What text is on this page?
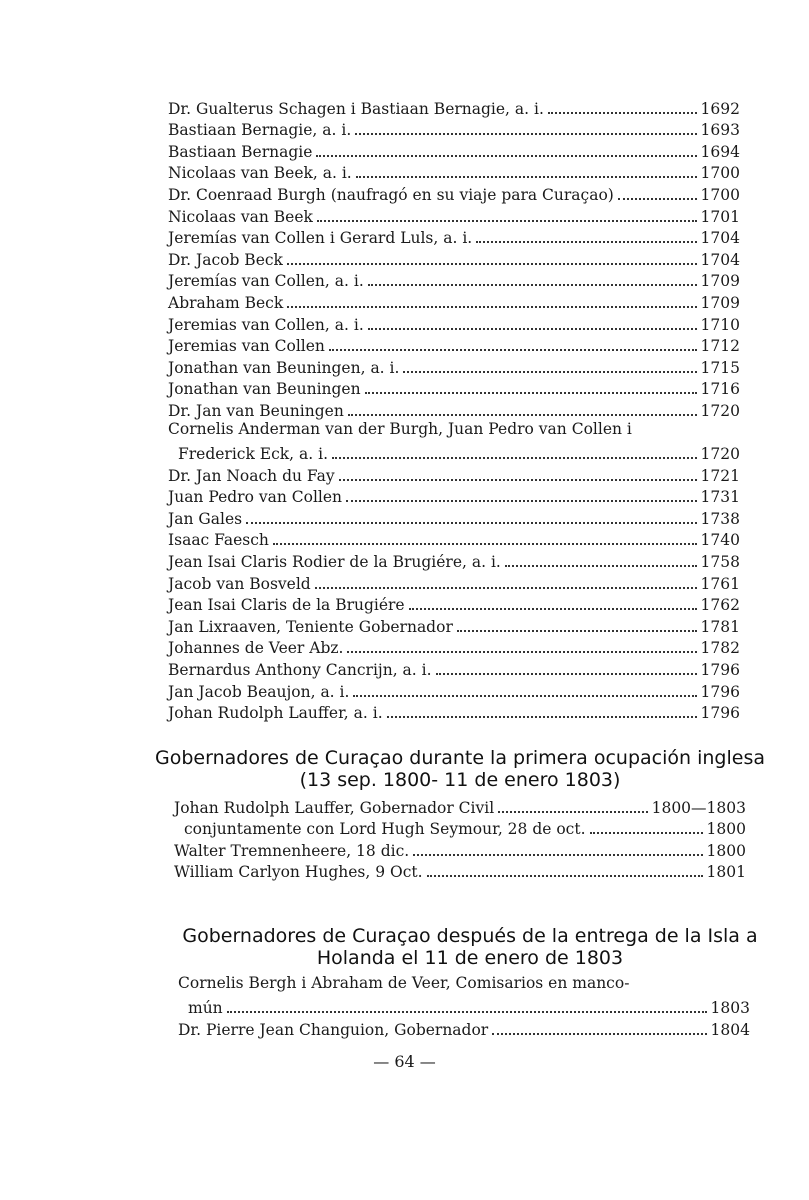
Dr. Gualterus Schagen i Bastiaan Bernagie, a. i.	1692
Bastiaan Bernagie, a. i.	1693
Bastiaan Bernagie	1694
Nicolaas van Beek, a. i.	1700
Dr. Coenraad Burgh (naufragó en su viaje para Curaçao)	1700
Nicolaas van Beek	1701
Jeremías van Collen i Gerard Luls, a. i.	1704
Dr. Jacob Beck	1704
Jeremías van Collen, a. i.	1709
Abraham Beck	1709
Jeremias van Collen, a. i.	1710
Jeremias van Collen	1712
Jonathan van Beuningen, a. i.	1715
Jonathan van Beuningen	1716
Dr. Jan van Beuningen	1720
Cornelis Anderman van der Burgh, Juan Pedro van Collen i
Frederick Eck, a. i.	1720
Dr. Jan Noach du Fay	1721
Juan Pedro van Collen	1731
Jan Gales	1738
Isaac Faesch	1740
Jean Isai Claris Rodier de la Brugiére, a. i.	1758
Jacob van Bosveld	1761
Jean Isai Claris de la Brugiére	1762
Jan Lixraaven, Teniente Gobernador	1781
Johannes de Veer Abz.	1782
Bernardus Anthony Cancrijn, a. i.	1796
Jan Jacob Beaujon, a. i.	1796
Johan Rudolph Lauffer, a. i.	1796
Gobernadores de Curaçao durante la primera ocupación inglesa
(13 sep. 1800- 11 de enero 1803)
Johan Rudolph Lauffer, Gobernador Civil	1800—1803
conjuntamente con Lord Hugh Seymour, 28 de oct.	1800
Walter Tremnenheere, 18 dic.	1800
William Carlyon Hughes, 9 Oct.	1801
Gobernadores de Curaçao después de la entrega de la Isla a
Holanda el 11 de enero de 1803
Cornelis Bergh i Abraham de Veer, Comisarios en manco-
mún	1803
Dr. Pierre Jean Changuion, Gobernador	1804
— 64 —
